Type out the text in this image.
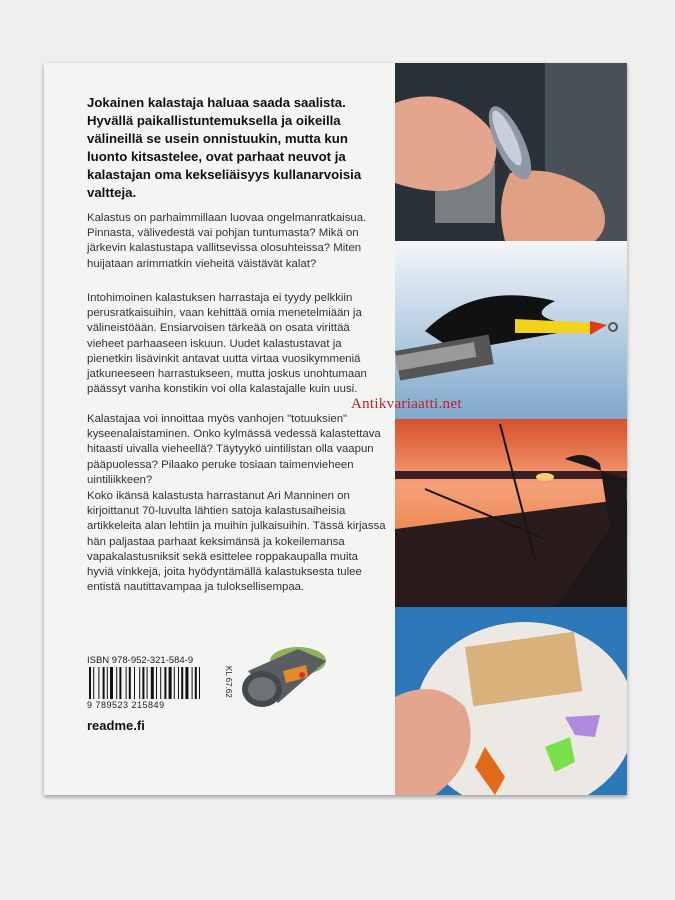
Jokainen kalastaja haluaa saada saalista. Hyvällä paikallistuntemuksella ja oikeilla välineillä se usein onnistuukin, mutta kun luonto kitsastelee, ovat parhaat neuvot ja kalastajan oma kekseliäisyys kullanarvoisia valtteja.
Kalastus on parhaimmillaan luovaa ongelmanratkaisua. Pinnasta, välivedestä vai pohjan tuntumasta? Mikä on järkevin kalastustapa vallitsevissa olosuhteissa? Miten huijataan arimmatkin vieheitä väistävät kalat?
Intohimoinen kalastuksen harrastaja ei tyydy pelkkiin perusratkaisuihin, vaan kehittää omia menetelmiään ja välineistöään. Ensiarvoisen tärkeää on osata virittää vieheet parhaaseen iskuun. Uudet kalastustavat ja pienetkin lisävinkit antavat uutta virtaa vuosikymmeniä jatkuneeseen harrastukseen, mutta joskus unohtumaan päässyt vanha konstikin voi olla kalastajalle kuin uusi.
Kalastajaa voi innoittaa myös vanhojen "totuuksien" kyseenalaistaminen. Onko kylmässä vedessä kalastettava hitaasti uivalla vieheellä? Täytyykö uintilistan olla vaapun pääpuolessa? Pilaako peruke tosiaan taimenvieheen uintiliikkeen?
Koko ikänsä kalastusta harrastanut Ari Manninen on kirjoittanut 70-luvulta lähtien satoja kalastusaiheisia artikkeleita alan lehtiin ja muihin julkaisuihin. Tässä kirjassa hän paljastaa parhaat keksimänsä ja kokeilemansa vapakalastusniksit sekä esittelee roppakaupalla muita hyviä vinkkejä, joita hyödyntämällä kalastuksesta tulee entistä nautittavampaa ja tuloksellisempaa.
ISBN 978-952-321-584-9
9 789523 215849
KL 67.62
readme.fi
Antikvariaatti.net
